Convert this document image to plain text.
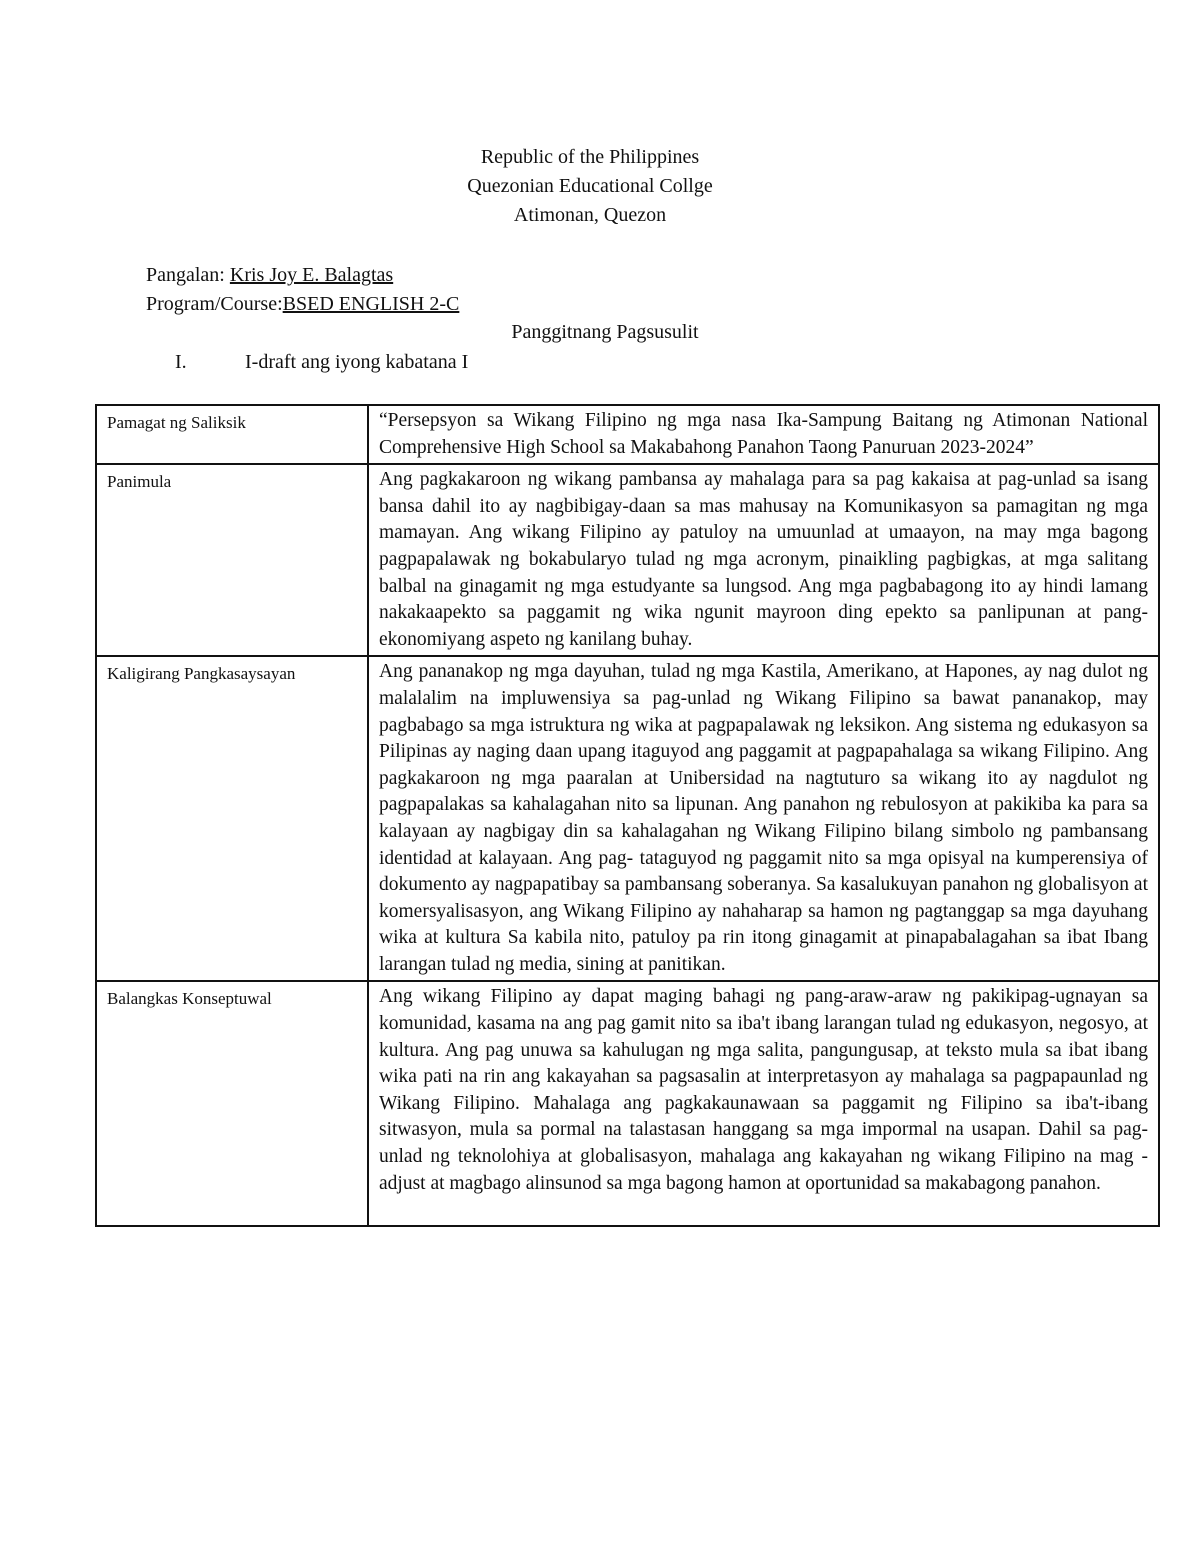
Republic of the Philippines
Quezonian Educational Collge
Atimonan, Quezon
Pangalan: Kris Joy E. Balagtas
Program/Course:BSED ENGLISH 2-C
Panggitnang Pagsusulit
I.	I-draft ang iyong kabatana I
Pamagat ng Saliksik	“Persepsyon sa Wikang Filipino ng mga nasa Ika-Sampung Baitang ng Atimonan National Comprehensive High School sa Makabahong Panahon Taong Panuruan 2023-2024”
Panimula	Ang pagkakaroon ng wikang pambansa ay mahalaga para sa pag kakaisa at pag-unlad sa isang bansa dahil ito ay nagbibigay-daan sa mas mahusay na Komunikasyon sa pamagitan ng mga mamayan. Ang wikang Filipino ay patuloy na umuunlad at umaayon, na may mga bagong pagpapalawak ng bokabularyo tulad ng mga acronym, pinaikling pagbigkas, at mga salitang balbal na ginagamit ng mga estudyante sa lungsod. Ang mga pagbabagong ito ay hindi lamang nakakaapekto sa paggamit ng wika ngunit mayroon ding epekto sa panlipunan at pang-ekonomiyang aspeto ng kanilang buhay.
Kaligirang Pangkasaysayan	Ang pananakop ng mga dayuhan, tulad ng mga Kastila, Amerikano, at Hapones, ay nag dulot ng malalalim na impluwensiya sa pag-unlad ng Wikang Filipino sa bawat pananakop, may pagbabago sa mga istruktura ng wika at pagpapalawak ng leksikon. Ang sistema ng edukasyon sa Pilipinas ay naging daan upang itaguyod ang paggamit at pagpapahalaga sa wikang Filipino. Ang pagkakaroon ng mga paaralan at Unibersidad na nagtuturo sa wikang ito ay nagdulot ng pagpapalakas sa kahalagahan nito sa lipunan. Ang panahon ng rebulosyon at pakikiba ka para sa kalayaan ay nagbigay din sa kahalagahan ng Wikang Filipino bilang simbolo ng pambansang identidad at kalayaan. Ang pag- tataguyod ng paggamit nito sa mga opisyal na kumperensiya of dokumento ay nagpapatibay sa pambansang soberanya. Sa kasalukuyan panahon ng globalisyon at komersyalisasyon, ang Wikang Filipino ay nahaharap sa hamon ng pagtanggap sa mga dayuhang wika at kultura Sa kabila nito, patuloy pa rin itong ginagamit at pinapabalagahan sa ibat Ibang larangan tulad ng media, sining at panitikan.
Balangkas Konseptuwal	Ang wikang Filipino ay dapat maging bahagi ng pang-araw-araw ng pakikipag-ugnayan sa komunidad, kasama na ang pag gamit nito sa iba't ibang larangan tulad ng edukasyon, negosyo, at kultura. Ang pag unuwa sa kahulugan ng mga salita, pangungusap, at teksto mula sa ibat ibang wika pati na rin ang kakayahan sa pagsasalin at interpretasyon ay mahalaga sa pagpapaunlad ng Wikang Filipino. Mahalaga ang pagkakaunawaan sa paggamit ng Filipino sa iba't-ibang sitwasyon, mula sa pormal na talastasan hanggang sa mga impormal na usapan. Dahil sa pag-unlad ng teknolohiya at globalisasyon, mahalaga ang kakayahan ng wikang Filipino na mag - adjust at magbago alinsunod sa mga bagong hamon at oportunidad sa makabagong panahon.
